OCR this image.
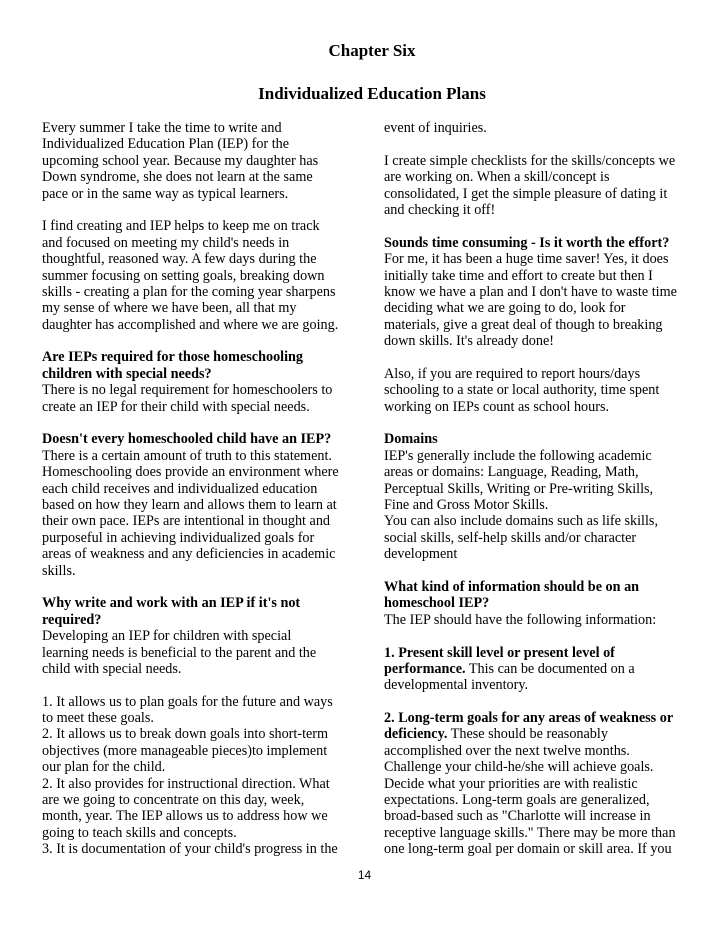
Chapter Six
Individualized Education Plans
Every summer I take the time to write and
Individualized Education Plan (IEP) for the
upcoming school year. Because my daughter has
Down syndrome, she does not learn at the same
pace or in the same way as typical learners.
I find creating and IEP helps to keep me on track
and focused on meeting my child's needs in
thoughtful, reasoned way. A few days during the
summer focusing on setting goals, breaking down
skills - creating a plan for the coming year sharpens
my sense of where we have been, all that my
daughter has accomplished and where we are going.
Are IEPs required for those homeschooling
children with special needs?
There is no legal requirement for homeschoolers to
create an IEP for their child with special needs.
Doesn't every homeschooled child have an IEP?
There is a certain amount of truth to this statement.
Homeschooling does provide an environment where
each child receives and individualized education
based on how they learn and allows them to learn at
their own pace. IEPs are intentional in thought and
purposeful in achieving individualized goals for
areas of weakness and any deficiencies in academic
skills.
Why write and work with an IEP if it's not
required?
Developing an IEP for children with special
learning needs is beneficial to the parent and the
child with special needs.
1. It allows us to plan goals for the future and ways
to meet these goals.
2. It allows us to break down goals into short-term
objectives (more manageable pieces)to implement
our plan for the child.
2. It also provides for instructional direction. What
are we going to concentrate on this day, week,
month, year. The IEP allows us to address how we
going to teach skills and concepts.
3. It is documentation of your child's progress in the
event of inquiries.
I create simple checklists for the skills/concepts we
are working on. When a skill/concept is
consolidated, I get the simple pleasure of dating it
and checking it off!
Sounds time consuming - Is it worth the effort?
For me, it has been a huge time saver! Yes, it does
initially take time and effort to create but then I
know we have a plan and I don't have to waste time
deciding what we are going to do, look for
materials, give a great deal of though to breaking
down skills. It's already done!
Also, if you are required to report hours/days
schooling to a state or local authority, time spent
working on IEPs count as school hours.
Domains
IEP's generally include the following academic
areas or domains: Language, Reading, Math,
Perceptual Skills, Writing or Pre-writing Skills,
Fine and Gross Motor Skills.
You can also include domains such as life skills,
social skills, self-help skills and/or character
development
What kind of information should be on an
homeschool IEP?
The IEP should have the following information:
1. Present skill level or present level of
performance. This can be documented on a
developmental inventory.
2. Long-term goals for any areas of weakness or
deficiency. These should be reasonably
accomplished over the next twelve months.
Challenge your child-he/she will achieve goals.
Decide what your priorities are with realistic
expectations. Long-term goals are generalized,
broad-based such as "Charlotte will increase in
receptive language skills." There may be more than
one long-term goal per domain or skill area. If you
14
